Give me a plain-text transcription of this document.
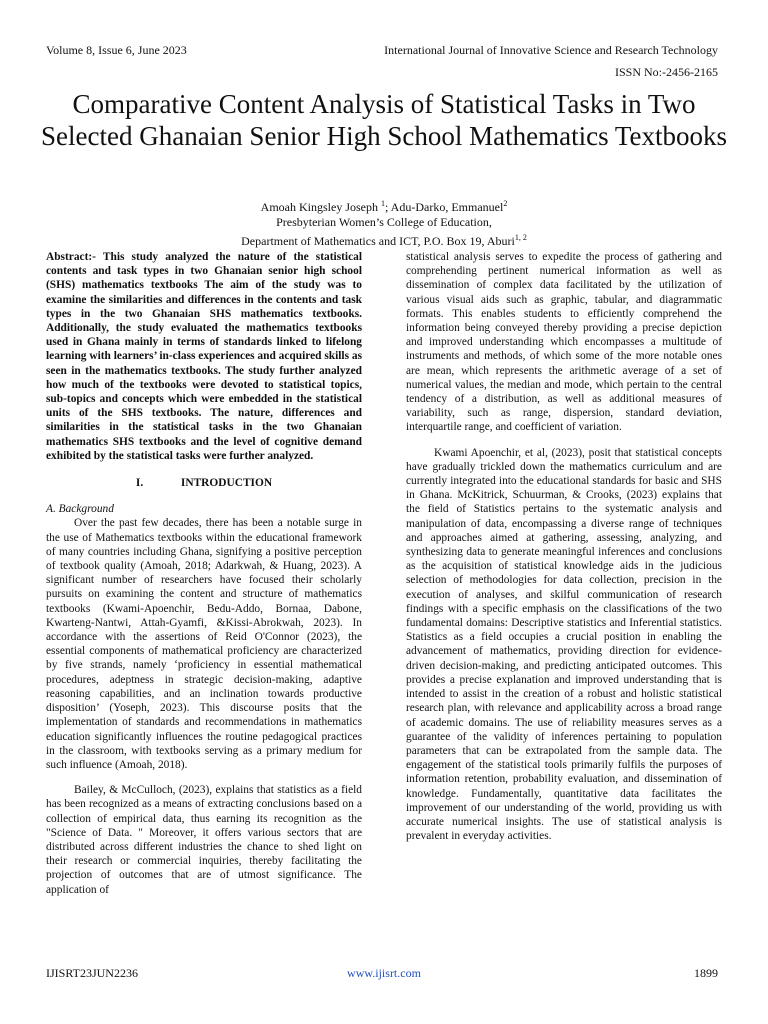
Volume 8, Issue 6, June 2023	International Journal of Innovative Science and Research Technology
ISSN No:-2456-2165
Comparative Content Analysis of Statistical Tasks in Two Selected Ghanaian Senior High School Mathematics Textbooks
Amoah Kingsley Joseph $^1$; Adu-Darko, Emmanuel$^2$
Presbyterian Women’s College of Education,
Department of Mathematics and ICT, P.O. Box 19, Aburi$^{1, 2}$

Abstract:- This study analyzed the nature of the statistical contents and task types in two Ghanaian senior high school (SHS) mathematics textbooks The aim of the study was to examine the similarities and differences in the contents and task types in the two Ghanaian SHS mathematics textbooks. Additionally, the study evaluated the mathematics textbooks used in Ghana mainly in terms of standards linked to lifelong learning with learners’ in-class experiences and acquired skills as seen in the mathematics textbooks. The study further analyzed how much of the textbooks were devoted to statistical topics, sub-topics and concepts which were embedded in the statistical units of the SHS textbooks. The nature, differences and similarities in the statistical tasks in the two Ghanaian mathematics SHS textbooks and the level of cognitive demand exhibited by the statistical tasks were further analyzed.

I.	INTRODUCTION
A. Background

Over the past few decades, there has been a notable surge in the use of Mathematics textbooks within the educational framework of many countries including Ghana, signifying a positive perception of textbook quality (Amoah, 2018; Adarkwah, & Huang, 2023). A significant number of researchers have focused their scholarly pursuits on examining the content and structure of mathematics textbooks (Kwami-Apoenchir, Bedu-Addo, Bornaa, Dabone, Kwarteng-Nantwi, Attah-Gyamfi, &Kissi-Abrokwah, 2023). In accordance with the assertions of Reid O'Connor (2023), the essential components of mathematical proficiency are characterized by five strands, namely ‘proficiency in essential mathematical procedures, adeptness in strategic decision-making, adaptive reasoning capabilities, and an inclination towards productive disposition’ (Yoseph, 2023). This discourse posits that the implementation of standards and recommendations in mathematics education significantly influences the routine pedagogical practices in the classroom, with textbooks serving as a primary medium for such influence (Amoah, 2018).

Bailey, & McCulloch, (2023), explains that statistics as a field has been recognized as a means of extracting conclusions based on a collection of empirical data, thus earning its recognition as the "Science of Data. " Moreover, it offers various sectors that are distributed across different industries the chance to shed light on their research or commercial inquiries, thereby facilitating the projection of outcomes that are of utmost significance. The application of

statistical analysis serves to expedite the process of gathering and comprehending pertinent numerical information as well as dissemination of complex data facilitated by the utilization of various visual aids such as graphic, tabular, and diagrammatic formats. This enables students to efficiently comprehend the information being conveyed thereby providing a precise depiction and improved understanding which encompasses a multitude of instruments and methods, of which some of the more notable ones are mean, which represents the arithmetic average of a set of numerical values, the median and mode, which pertain to the central tendency of a distribution, as well as additional measures of variability, such as range, dispersion, standard deviation, interquartile range, and coefficient of variation.

Kwami Apoenchir, et al, (2023), posit that statistical concepts have gradually trickled down the mathematics curriculum and are currently integrated into the educational standards for basic and SHS in Ghana. McKitrick, Schuurman, & Crooks, (2023) explains that the field of Statistics pertains to the systematic analysis and manipulation of data, encompassing a diverse range of techniques and approaches aimed at gathering, assessing, analyzing, and synthesizing data to generate meaningful inferences and conclusions as the acquisition of statistical knowledge aids in the judicious selection of methodologies for data collection, precision in the execution of analyses, and skilful communication of research findings with a specific emphasis on the classifications of the two fundamental domains: Descriptive statistics and Inferential statistics. Statistics as a field occupies a crucial position in enabling the advancement of mathematics, providing direction for evidence-driven decision-making, and predicting anticipated outcomes. This provides a precise explanation and improved understanding that is intended to assist in the creation of a robust and holistic statistical research plan, with relevance and applicability across a broad range of academic domains. The use of reliability measures serves as a guarantee of the validity of inferences pertaining to population parameters that can be extrapolated from the sample data. The engagement of the statistical tools primarily fulfils the purposes of information retention, probability evaluation, and dissemination of knowledge. Fundamentally, quantitative data facilitates the improvement of our understanding of the world, providing us with accurate numerical insights. The use of statistical analysis is prevalent in everyday activities.

IJISRT23JUN2236	www.ijisrt.com	1899
